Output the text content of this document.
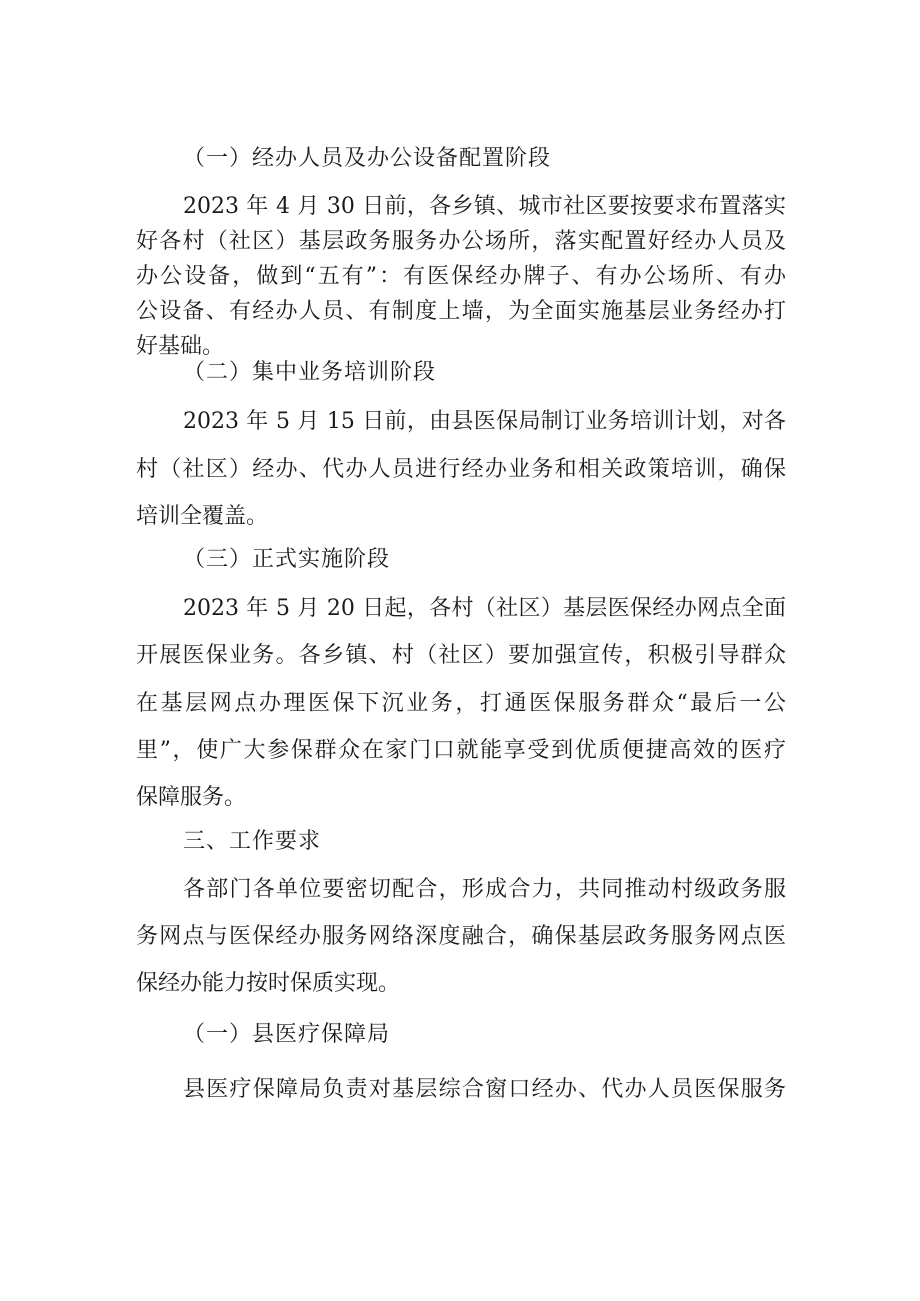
（一）经办人员及办公设备配置阶段
2023 年 4 月 30 日前，各乡镇、城市社区要按要求布置落实
好各村（社区）基层政务服务办公场所，落实配置好经办人员及
办公设备，做到“五有”：有医保经办牌子、有办公场所、有办
公设备、有经办人员、有制度上墙，为全面实施基层业务经办打
好基础。
（二）集中业务培训阶段
2023 年 5 月 15 日前，由县医保局制订业务培训计划，对各
村（社区）经办、代办人员进行经办业务和相关政策培训，确保
培训全覆盖。
（三）正式实施阶段
2023 年 5 月 20 日起，各村（社区）基层医保经办网点全面
开展医保业务。各乡镇、村（社区）要加强宣传，积极引导群众
在基层网点办理医保下沉业务，打通医保服务群众“最后一公
里”，使广大参保群众在家门口就能享受到优质便捷高效的医疗
保障服务。
三、工作要求
各部门各单位要密切配合，形成合力，共同推动村级政务服
务网点与医保经办服务网络深度融合，确保基层政务服务网点医
保经办能力按时保质实现。
（一）县医疗保障局
县医疗保障局负责对基层综合窗口经办、代办人员医保服务
